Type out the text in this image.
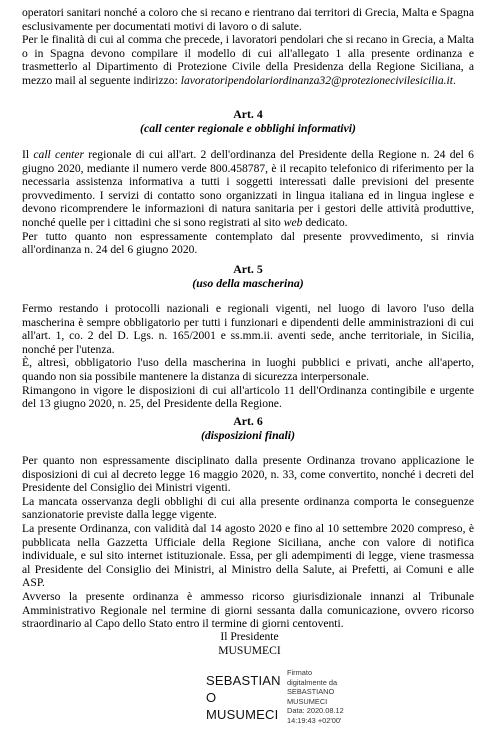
operatori sanitari nonché a coloro che si recano e rientrano dai territori di Grecia, Malta e Spagna esclusivamente per documentati motivi di lavoro o di salute.

Per le finalità di cui al comma che precede, i lavoratori pendolari che si recano in Grecia, a Malta o in Spagna devono compilare il modello di cui all'allegato 1 alla presente ordinanza e trasmetterlo al Dipartimento di Protezione Civile della Presidenza della Regione Siciliana, a mezzo mail al seguente indirizzo: lavoratoripendolariordinanza32@protezionecivilesicilia.it.

Art. 4
(call center regionale e obblighi informativi)

Il call center regionale di cui all'art. 2 dell'ordinanza del Presidente della Regione n. 24 del 6 giugno 2020, mediante il numero verde 800.458787, è il recapito telefonico di riferimento per la necessaria assistenza informativa a tutti i soggetti interessati dalle previsioni del presente provvedimento. I servizi di contatto sono organizzati in lingua italiana ed in lingua inglese e devono ricomprendere le informazioni di natura sanitaria per i gestori delle attività produttive, nonché quelle per i cittadini che si sono registrati al sito web dedicato.

Per tutto quanto non espressamente contemplato dal presente provvedimento, si rinvia all'ordinanza n. 24 del 6 giugno 2020.

Art. 5
(uso della mascherina)

Fermo restando i protocolli nazionali e regionali vigenti, nel luogo di lavoro l'uso della mascherina è sempre obbligatorio per tutti i funzionari e dipendenti delle amministrazioni di cui all'art. 1, co. 2 del D. Lgs. n. 165/2001 e ss.mm.ii. aventi sede, anche territoriale, in Sicilia, nonché per l'utenza.

È, altresì, obbligatorio l'uso della mascherina in luoghi pubblici e privati, anche all'aperto, quando non sia possibile mantenere la distanza di sicurezza interpersonale.

Rimangono in vigore le disposizioni di cui all'articolo 11 dell'Ordinanza contingibile e urgente del 13 giugno 2020, n. 25, del Presidente della Regione.

Art. 6
(disposizioni finali)

Per quanto non espressamente disciplinato dalla presente Ordinanza trovano applicazione le disposizioni di cui al decreto legge 16 maggio 2020, n. 33, come convertito, nonché i decreti del Presidente del Consiglio dei Ministri vigenti.

La mancata osservanza degli obblighi di cui alla presente ordinanza comporta le conseguenze sanzionatorie previste dalla legge vigente.

La presente Ordinanza, con validità dal 14 agosto 2020 e fino al 10 settembre 2020 compreso, è pubblicata nella Gazzetta Ufficiale della Regione Siciliana, anche con valore di notifica individuale, e sul sito internet istituzionale. Essa, per gli adempimenti di legge, viene trasmessa al Presidente del Consiglio dei Ministri, al Ministro della Salute, ai Prefetti, ai Comuni e alle ASP.

Avverso la presente ordinanza è ammesso ricorso giurisdizionale innanzi al Tribunale Amministrativo Regionale nel termine di giorni sessanta dalla comunicazione, ovvero ricorso straordinario al Capo dello Stato entro il termine di giorni centoventi.

Il Presidente
MUSUMECI
SEBASTIAN
O
MUSUMECI
Firmato
digitalmente da
SEBASTIANO
MUSUMECI
Data: 2020.08.12
14:19:43 +02'00'
